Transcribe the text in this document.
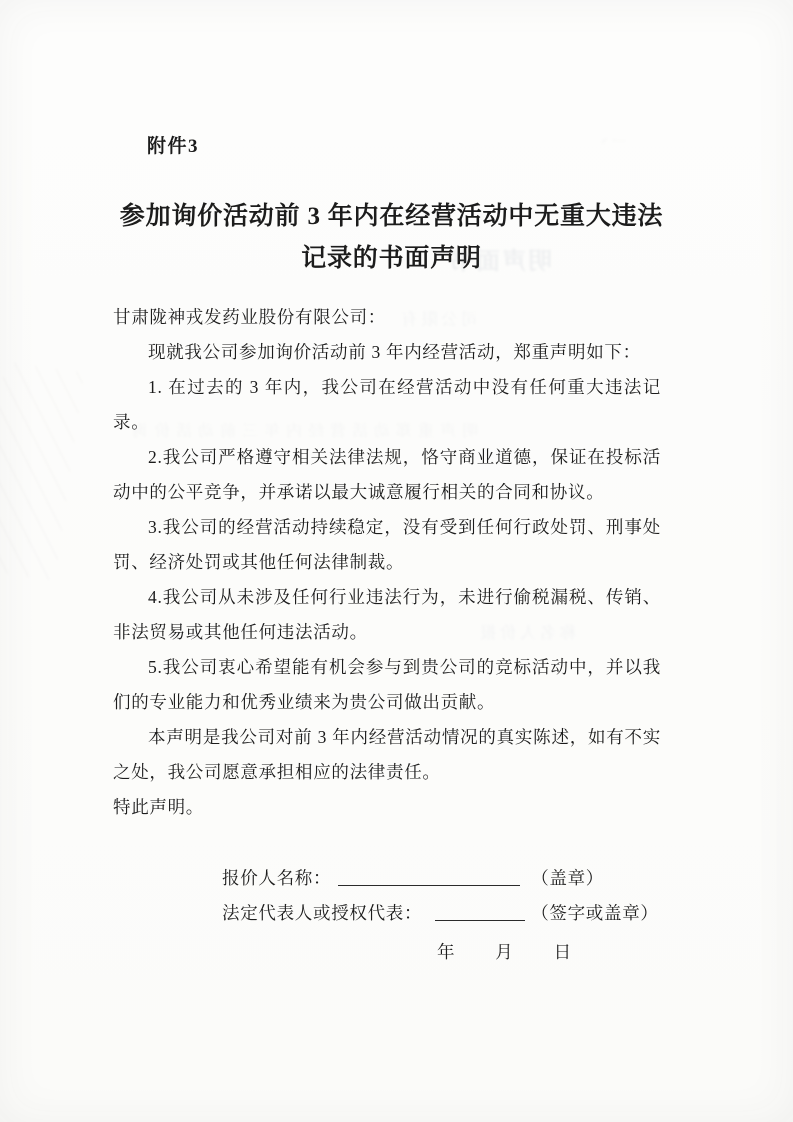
附件3
参加询价活动前 3 年内在经营活动中无重大违法
记录的书面声明

甘肃陇神戎发药业股份有限公司：

现就我公司参加询价活动前 3 年内经营活动，郑重声明如下：

1. 在过去的 3 年内，我公司在经营活动中没有任何重大违法记录。

2.我公司严格遵守相关法律法规，恪守商业道德，保证在投标活动中的公平竞争，并承诺以最大诚意履行相关的合同和协议。

3.我公司的经营活动持续稳定，没有受到任何行政处罚、刑事处罚、经济处罚或其他任何法律制裁。

4.我公司从未涉及任何行业违法行为，未进行偷税漏税、传销、非法贸易或其他任何违法活动。

5.我公司衷心希望能有机会参与到贵公司的竞标活动中，并以我们的专业能力和优秀业绩来为贵公司做出贡献。

本声明是我公司对前 3 年内经营活动情况的真实陈述，如有不实之处，我公司愿意承担相应的法律责任。

特此声明。

报价人名称：	（盖章）
法定代表人或授权代表：	（签字或盖章）
年 月 日
明声面书
一丶
司公限有
明声重郑动活营经内年三前动活价询
称名人价报
